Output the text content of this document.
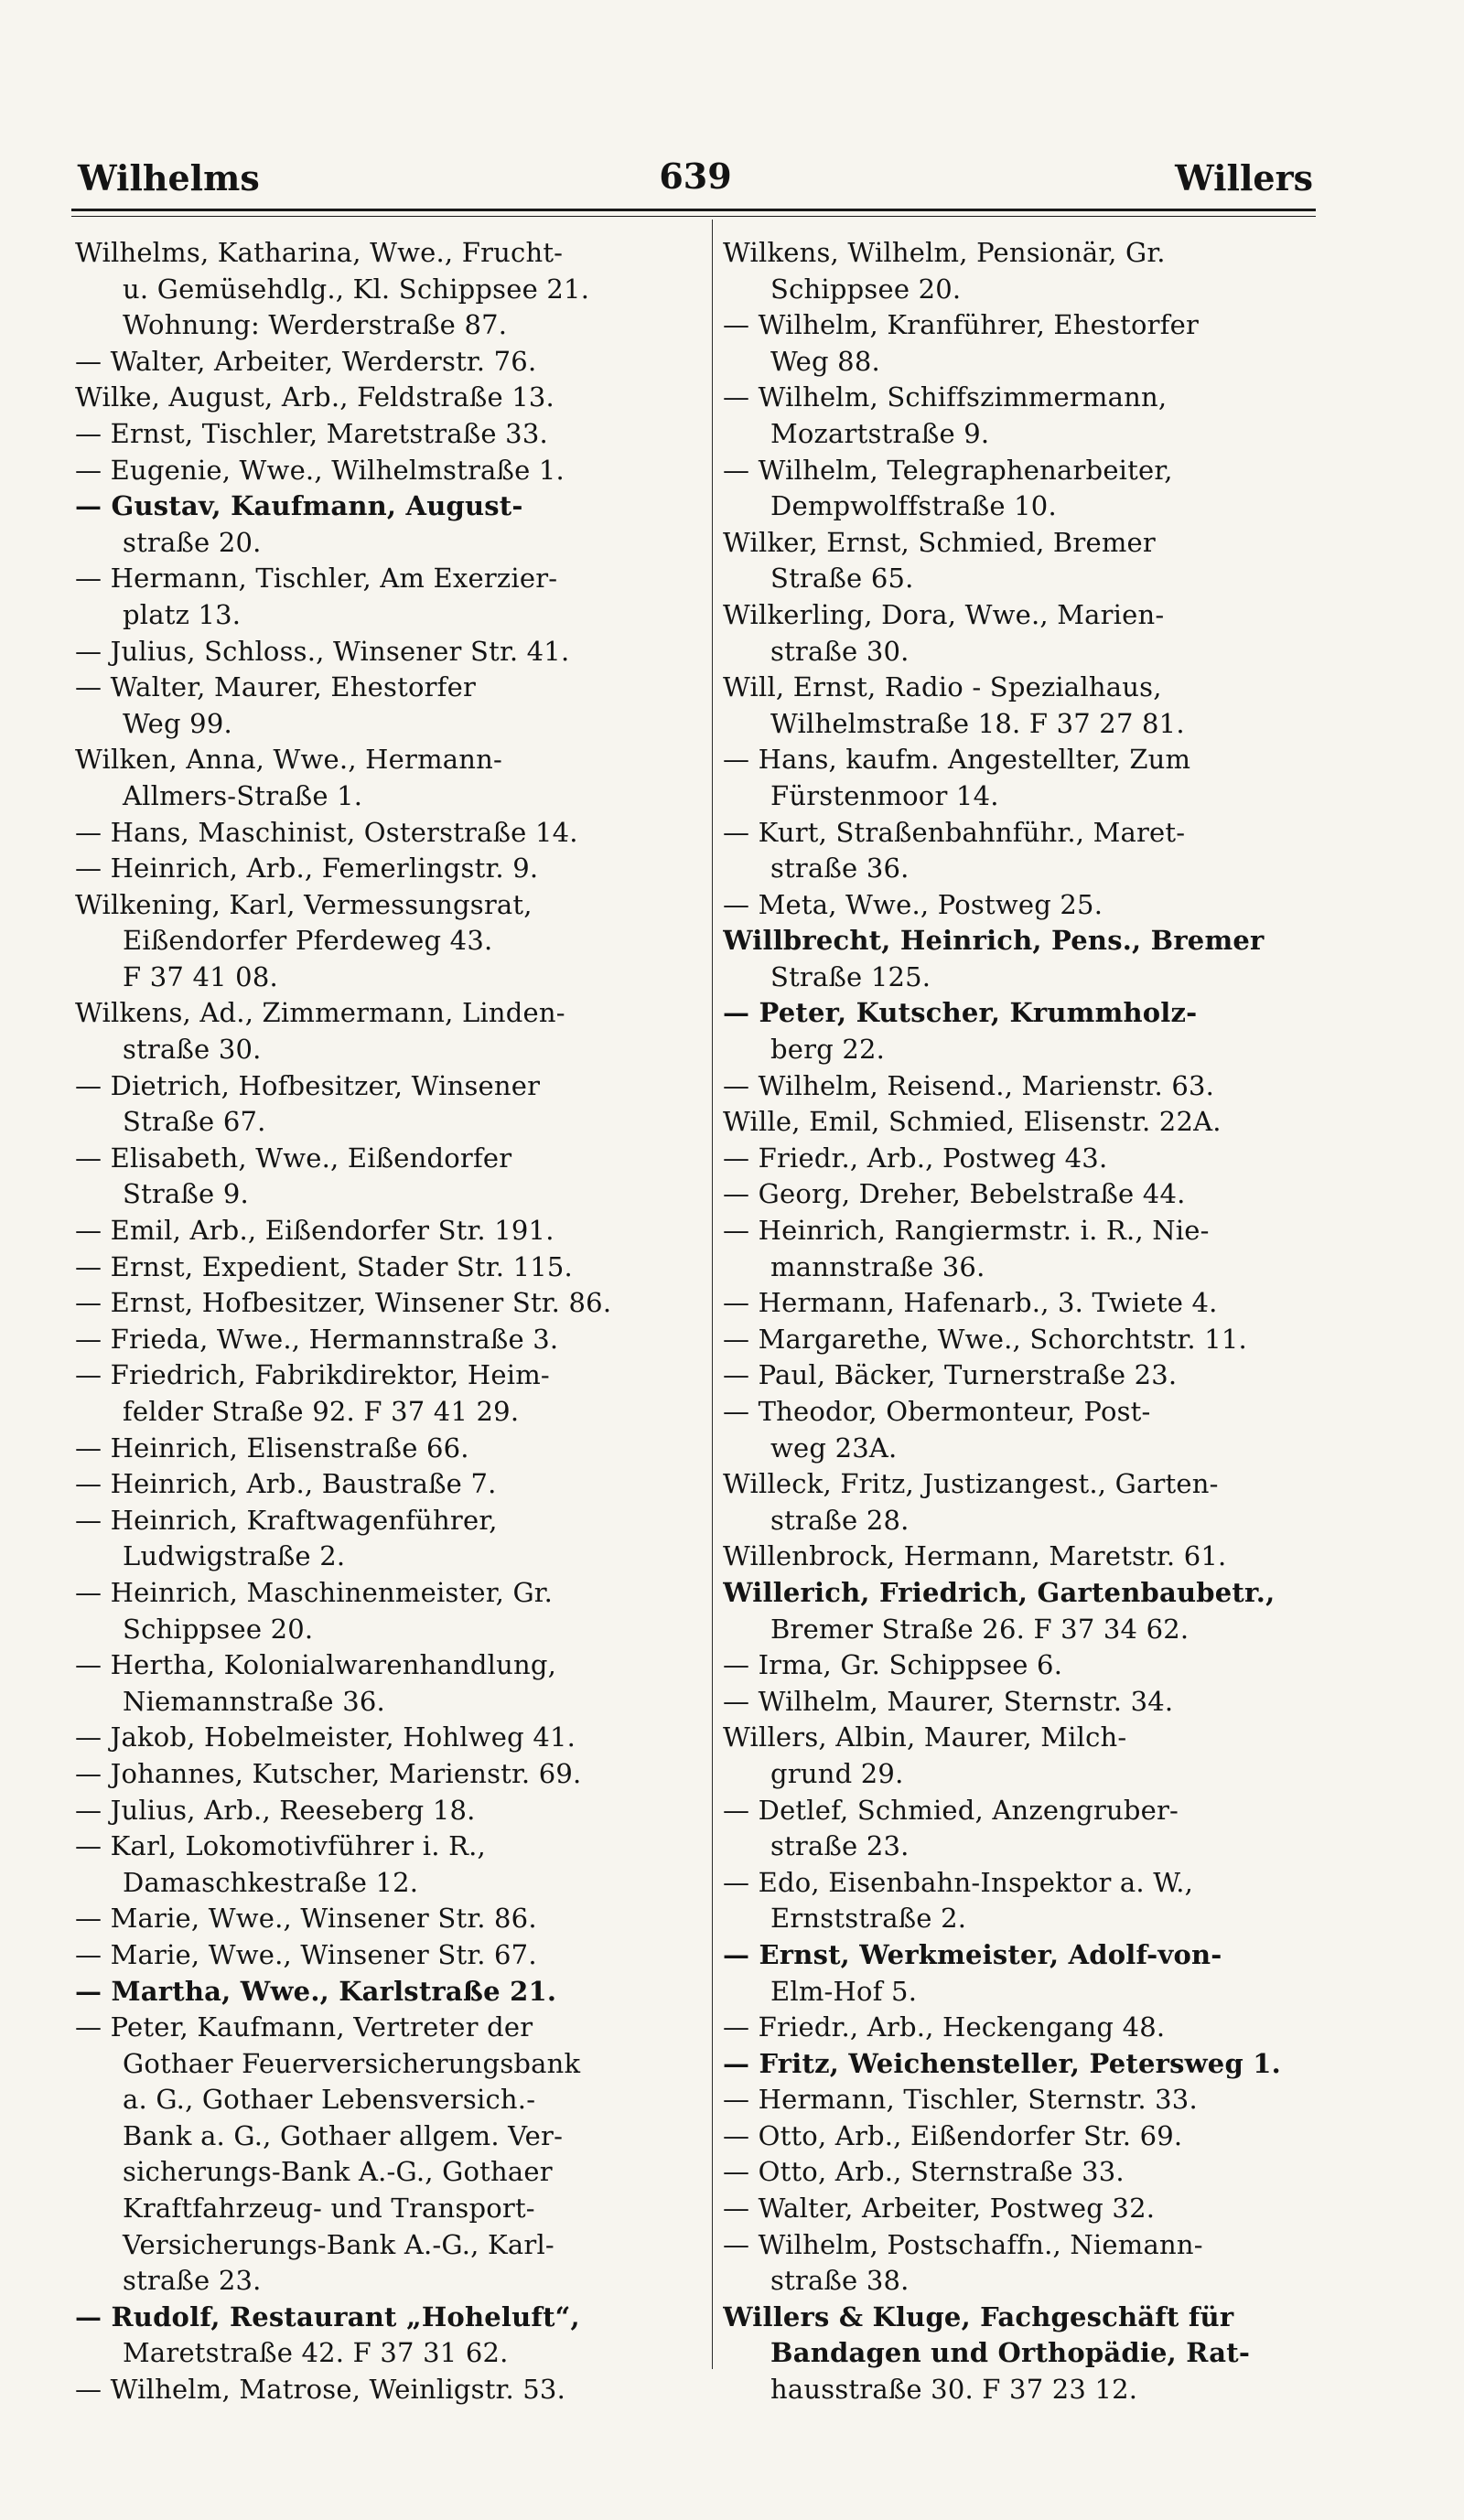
Wilhelms	639	Willers
Wilhelms, Katharina, Wwe., Frucht-
u. Gemüsehdlg., Kl. Schippsee 21.
Wohnung: Werderstraße 87.
— Walter, Arbeiter, Werderstr. 76.
Wilke, August, Arb., Feldstraße 13.
— Ernst, Tischler, Maretstraße 33.
— Eugenie, Wwe., Wilhelmstraße 1.
— Gustav, Kaufmann, August-
straße 20.
— Hermann, Tischler, Am Exerzier-
platz 13.
— Julius, Schloss., Winsener Str. 41.
— Walter, Maurer, Ehestorfer
Weg 99.
Wilken, Anna, Wwe., Hermann-
Allmers-Straße 1.
— Hans, Maschinist, Osterstraße 14.
— Heinrich, Arb., Femerlingstr. 9.
Wilkening, Karl, Vermessungsrat,
Eißendorfer Pferdeweg 43.
F 37 41 08.
Wilkens, Ad., Zimmermann, Linden-
straße 30.
— Dietrich, Hofbesitzer, Winsener
Straße 67.
— Elisabeth, Wwe., Eißendorfer
Straße 9.
— Emil, Arb., Eißendorfer Str. 191.
— Ernst, Expedient, Stader Str. 115.
— Ernst, Hofbesitzer, Winsener Str. 86.
— Frieda, Wwe., Hermannstraße 3.
— Friedrich, Fabrikdirektor, Heim-
felder Straße 92. F 37 41 29.
— Heinrich, Elisenstraße 66.
— Heinrich, Arb., Baustraße 7.
— Heinrich, Kraftwagenführer,
Ludwigstraße 2.
— Heinrich, Maschinenmeister, Gr.
Schippsee 20.
— Hertha, Kolonialwarenhandlung,
Niemannstraße 36.
— Jakob, Hobelmeister, Hohlweg 41.
— Johannes, Kutscher, Marienstr. 69.
— Julius, Arb., Reeseberg 18.
— Karl, Lokomotivführer i. R.,
Damaschkestraße 12.
— Marie, Wwe., Winsener Str. 86.
— Marie, Wwe., Winsener Str. 67.
— Martha, Wwe., Karlstraße 21.
— Peter, Kaufmann, Vertreter der
Gothaer Feuerversicherungsbank
a. G., Gothaer Lebensversich.-
Bank a. G., Gothaer allgem. Ver-
sicherungs-Bank A.-G., Gothaer
Kraftfahrzeug- und Transport-
Versicherungs-Bank A.-G., Karl-
straße 23.
— Rudolf, Restaurant „Hoheluft“,
Maretstraße 42. F 37 31 62.
— Wilhelm, Matrose, Weinligstr. 53.
Wilkens, Wilhelm, Pensionär, Gr.
Schippsee 20.
— Wilhelm, Kranführer, Ehestorfer
Weg 88.
— Wilhelm, Schiffszimmermann,
Mozartstraße 9.
— Wilhelm, Telegraphenarbeiter,
Dempwolffstraße 10.
Wilker, Ernst, Schmied, Bremer
Straße 65.
Wilkerling, Dora, Wwe., Marien-
straße 30.
Will, Ernst, Radio - Spezialhaus,
Wilhelmstraße 18. F 37 27 81.
— Hans, kaufm. Angestellter, Zum
Fürstenmoor 14.
— Kurt, Straßenbahnführ., Maret-
straße 36.
— Meta, Wwe., Postweg 25.
Willbrecht, Heinrich, Pens., Bremer
Straße 125.
— Peter, Kutscher, Krummholz-
berg 22.
— Wilhelm, Reisend., Marienstr. 63.
Wille, Emil, Schmied, Elisenstr. 22A.
— Friedr., Arb., Postweg 43.
— Georg, Dreher, Bebelstraße 44.
— Heinrich, Rangiermstr. i. R., Nie-
mannstraße 36.
— Hermann, Hafenarb., 3. Twiete 4.
— Margarethe, Wwe., Schorchtstr. 11.
— Paul, Bäcker, Turnerstraße 23.
— Theodor, Obermonteur, Post-
weg 23A.
Willeck, Fritz, Justizangest., Garten-
straße 28.
Willenbrock, Hermann, Maretstr. 61.
Willerich, Friedrich, Gartenbaubetr.,
Bremer Straße 26. F 37 34 62.
— Irma, Gr. Schippsee 6.
— Wilhelm, Maurer, Sternstr. 34.
Willers, Albin, Maurer, Milch-
grund 29.
— Detlef, Schmied, Anzengruber-
straße 23.
— Edo, Eisenbahn-Inspektor a. W.,
Ernststraße 2.
— Ernst, Werkmeister, Adolf-von-
Elm-Hof 5.
— Friedr., Arb., Heckengang 48.
— Fritz, Weichensteller, Petersweg 1.
— Hermann, Tischler, Sternstr. 33.
— Otto, Arb., Eißendorfer Str. 69.
— Otto, Arb., Sternstraße 33.
— Walter, Arbeiter, Postweg 32.
— Wilhelm, Postschaffn., Niemann-
straße 38.
Willers & Kluge, Fachgeschäft für
Bandagen und Orthopädie, Rat-
hausstraße 30. F 37 23 12.
